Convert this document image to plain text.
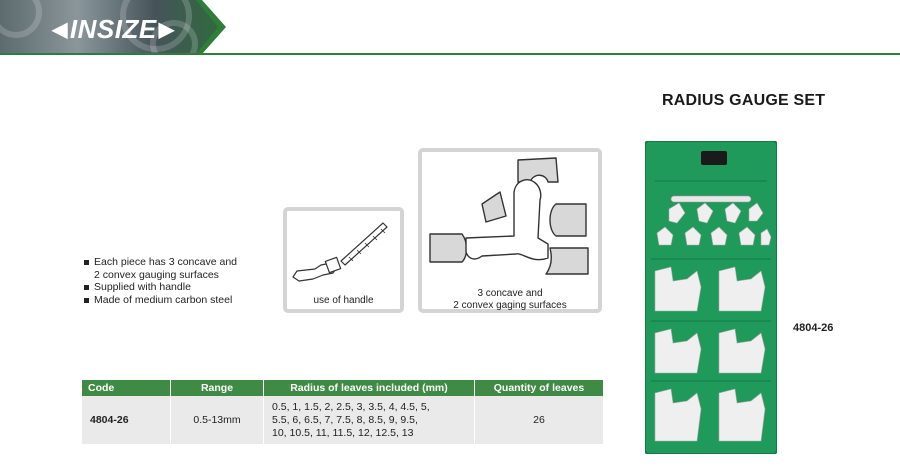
◀ INSIZE ▶
RADIUS GAUGE SET
Each piece has 3 concave and
2 convex gauging surfaces
Supplied with handle
Made of medium carbon steel	use of handle
3 concave and
2 convex gaging surfaces
4804-26
Code	Range	Radius of leaves included (mm)	Quantity of leaves
4804-26	0.5-13mm	0.5, 1, 1.5, 2, 2.5, 3, 3.5, 4, 4.5, 5,
5.5, 6, 6.5, 7, 7.5, 8, 8.5, 9, 9.5,
10, 10.5, 11, 11.5, 12, 12.5, 13	26
